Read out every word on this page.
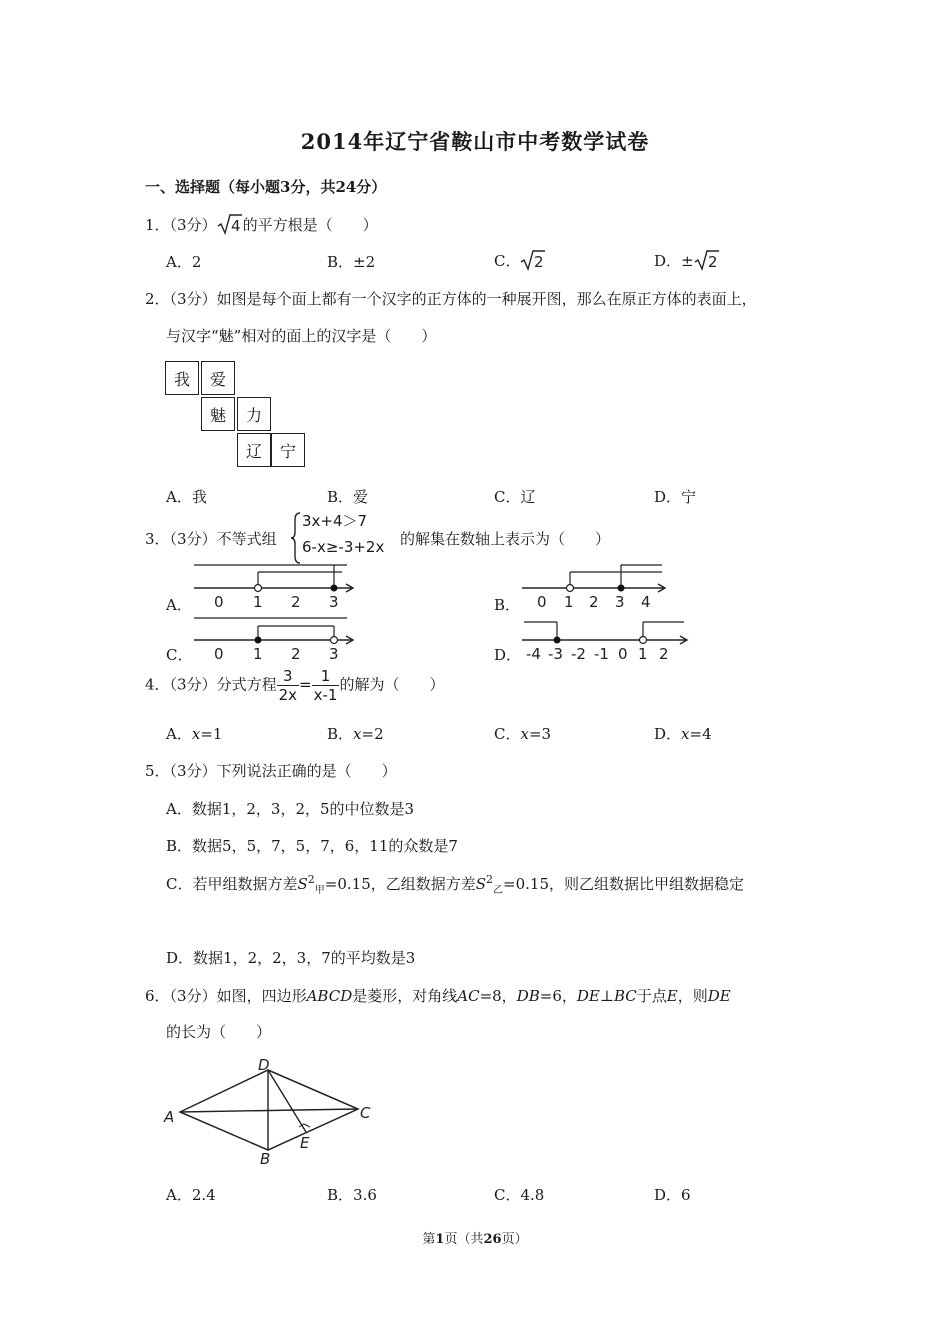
2014年辽宁省鞍山市中考数学试卷
一、选择题（每小题3分，共24分）
1．（3分） 4 的平方根是（　　）
A．2	B．±2	C． 2	D．± 2
2．（3分）如图是每个面上都有一个汉字的正方体的一种展开图，那么在原正方体的表面上，
与汉字“魅”相对的面上的汉字是（　　）
我	爱
魅	力
辽	宁
A．我	B．爱	C．辽	D．宁
3．（3分）不等式组
3x+4＞7
6-x≥-3+2x 的解集在数轴上表示为（　　）
A．	B．
C．	D．
0 1 2 3	0 1 2 3 4
0 1 2 3	-4 -3 -2 -1 0 1 2
4．（3分）分式方程 $\frac{3}{2x} = \frac{1}{x-1}$ 的解为（　　）
A．x=1	B．x=2	C．x=3	D．x=4
5．（3分）下列说法正确的是（　　）
A．数据1，2，3，2，5的中位数是3
B．数据5，5，7，5，7，6，11的众数是7
C．若甲组数据方差$S^2_甲=0.15$，乙组数据方差$S^2_乙=0.15$，则乙组数据比甲组数据稳定
D．数据1，2，2，3，7的平均数是3
6．（3分）如图，四边形ABCD是菱形，对角线AC=8，DB=6，DE⊥BC于点E，则DE
的长为（　　）
A
B
C
D
E
A．2.4	B．3.6	C．4.8	D．6
第1页（共26页）
